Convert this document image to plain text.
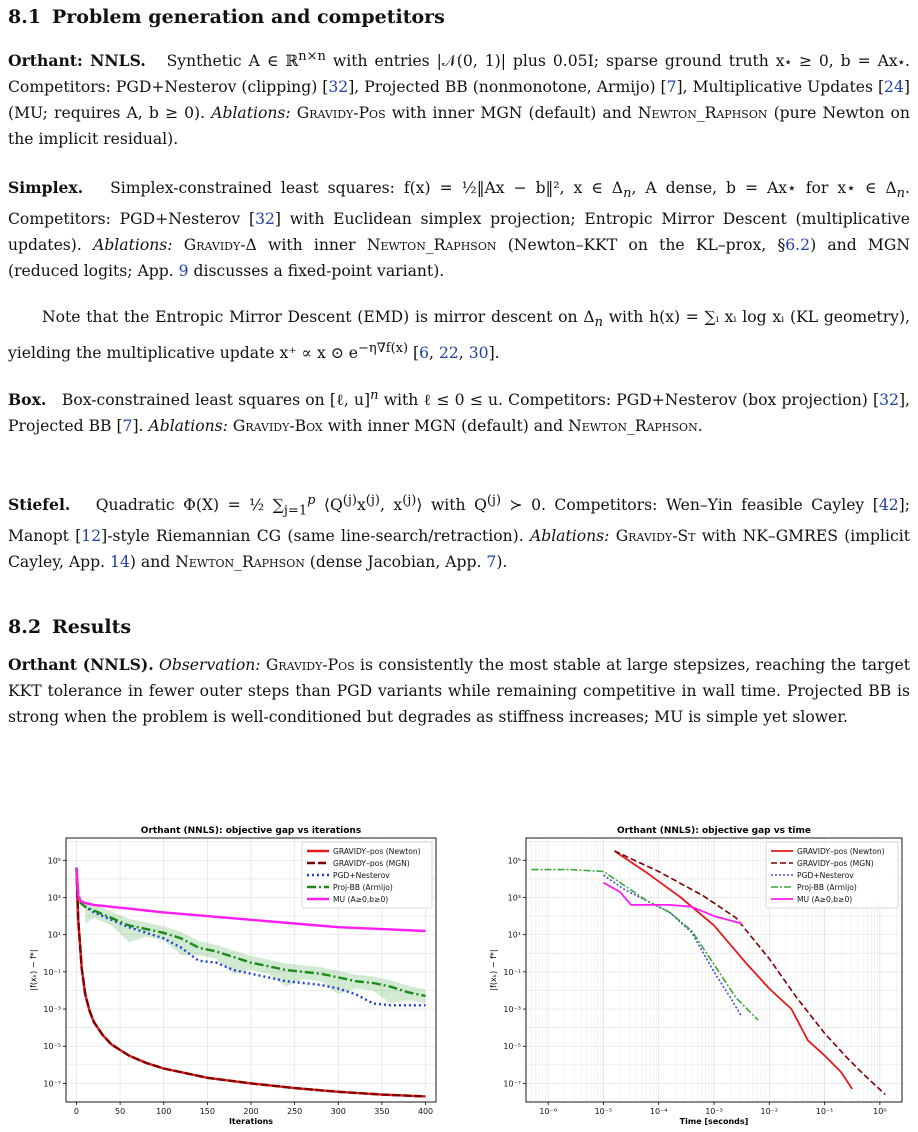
8.1 Problem generation and competitors

Orthant: NNLS. Synthetic A ∈ ℝ$^{n\times n}$ with entries |𝒩(0, 1)| plus 0.05I; sparse ground truth x⋆ ≥ 0, b = Ax⋆. Competitors: PGD+Nesterov (clipping) [32], Projected BB (nonmonotone, Armijo) [7], Multiplicative Updates [24] (MU; requires A, b ≥ 0). Ablations: Gravidy-Pos with inner MGN (default) and Newton_Raphson (pure Newton on the implicit residual).

Simplex. Simplex-constrained least squares: f(x) = ½‖Ax − b‖², x ∈ $\Delta_n$, A dense, b = Ax⋆ for x⋆ ∈ $\Delta_n$. Competitors: PGD+Nesterov [32] with Euclidean simplex projection; Entropic Mirror Descent (multiplicative updates). Ablations: Gravidy-Δ with inner Newton_Raphson (Newton–KKT on the KL–prox, §6.2) and MGN (reduced logits; App. 9 discusses a fixed-point variant).

Note that the Entropic Mirror Descent (EMD) is mirror descent on $\Delta_n$ with h(x) = ∑ᵢ xᵢ log xᵢ (KL geometry), yielding the multiplicative update x⁺ ∝ x ⊙ $e^{-\eta\nabla f(x)}$ [6, 22, 30].

Box. Box-constrained least squares on [ℓ, u]$^n$ with ℓ ≤ 0 ≤ u. Competitors: PGD+Nesterov (box projection) [32], Projected BB [7]. Ablations: Gravidy-Box with inner MGN (default) and Newton_Raphson.

Stiefel. Quadratic Φ(X) = ½ $\sum_{j=1}^p$ $⟨Q^{(j)}x^{(j)}$, $x^{(j)}⟩$ with $Q^{(j)}$ ≻ 0. Competitors: Wen–Yin feasible Cayley [42]; Manopt [12]-style Riemannian CG (same line-search/retraction). Ablations: Gravidy-St with NK–GMRES (implicit Cayley, App. 14) and Newton_Raphson (dense Jacobian, App. 7).

8.2 Results

Orthant (NNLS). Observation: Gravidy-Pos is consistently the most stable at large stepsizes, reaching the target KKT tolerance in fewer outer steps than PGD variants while remaining competitive in wall time. Projected BB is strong when the problem is well-conditioned but degrades as stiffness increases; MU is simple yet slower.

10⁵
10³
10¹
10⁻¹
10⁻³
10⁻⁵
10⁻⁷
0	50	100	150	200	250	300	350	400
Orthant (NNLS): objective gap vs iterations
Iterations
|f(xₖ) − f*|
GRAVIDY–pos (Newton)
GRAVIDY–pos (MGN)
PGD+Nesterov
Proj-BB (Armijo)
MU (A≥0,b≥0)
10⁵
10³
10¹
10⁻¹
10⁻³
10⁻⁵
10⁻⁷
10⁻⁶	10⁻⁵	10⁻⁴	10⁻³	10⁻²	10⁻¹	10⁰
Orthant (NNLS): objective gap vs time
Time [seconds]
|f(xₖ) − f*|
GRAVIDY–pos (Newton)
GRAVIDY–pos (MGN)
PGD+Nesterov
Proj-BB (Armijo)
MU (A≥0,b≥0)
